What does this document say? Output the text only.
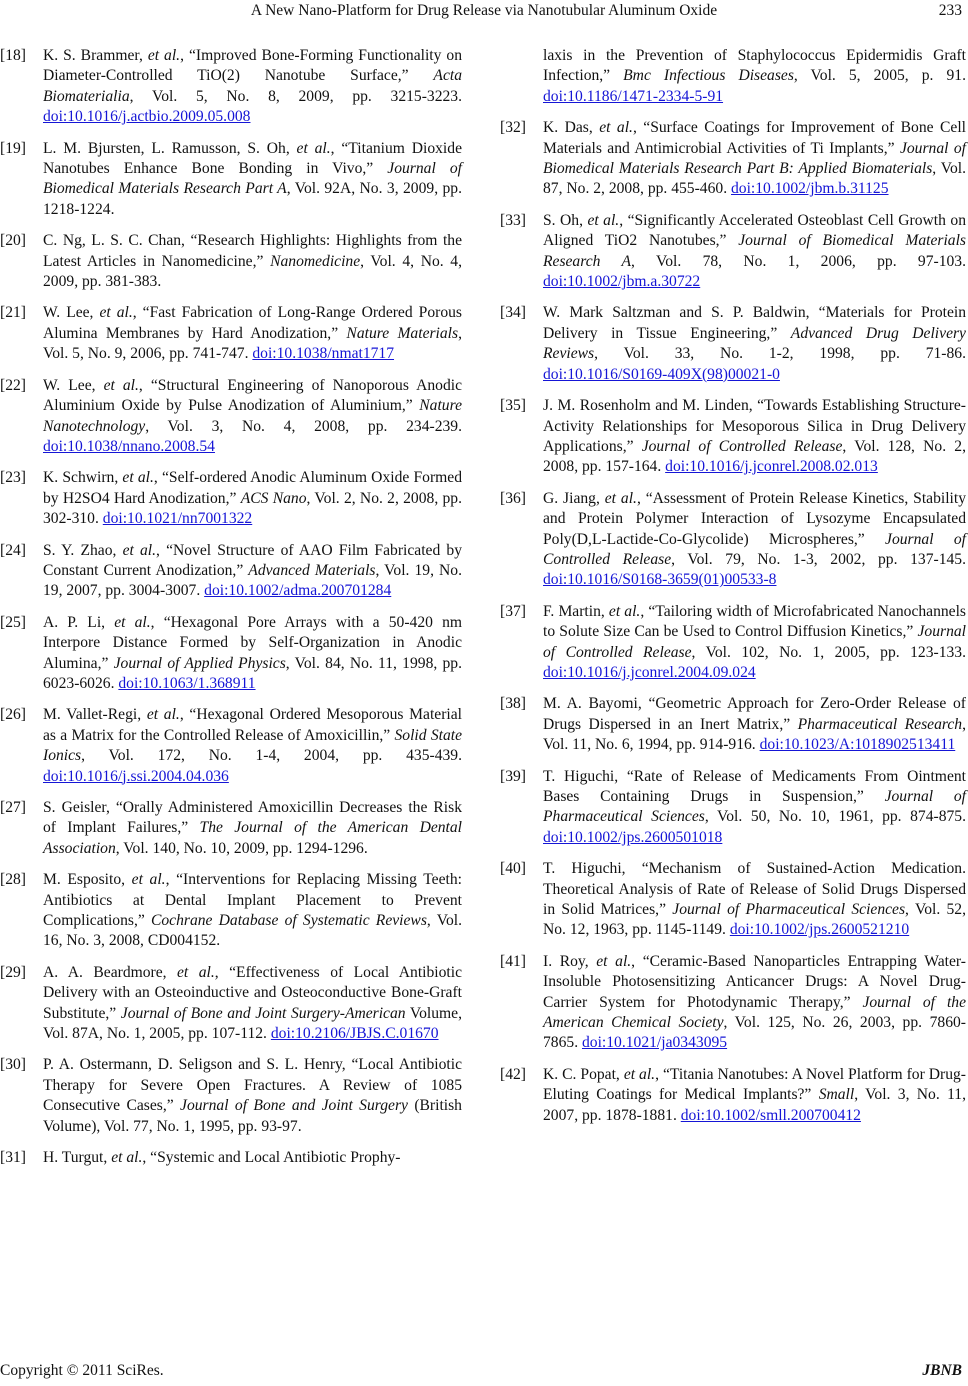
A New Nano-Platform for Drug Release via Nanotubular Aluminum Oxide	233
[18] K. S. Brammer, et al., “Improved Bone-Forming Functionality on Diameter-Controlled TiO(2) Nanotube Surface,” Acta Biomaterialia, Vol. 5, No. 8, 2009, pp. 3215-3223. doi:10.1016/j.actbio.2009.05.008
[19] L. M. Bjursten, L. Ramusson, S. Oh, et al., “Titanium Dioxide Nanotubes Enhance Bone Bonding in Vivo,” Journal of Biomedical Materials Research Part A, Vol. 92A, No. 3, 2009, pp. 1218-1224.
[20] C. Ng, L. S. C. Chan, “Research Highlights: Highlights from the Latest Articles in Nanomedicine,” Nanomedicine, Vol. 4, No. 4, 2009, pp. 381-383.
[21] W. Lee, et al., “Fast Fabrication of Long-Range Ordered Porous Alumina Membranes by Hard Anodization,” Nature Materials, Vol. 5, No. 9, 2006, pp. 741-747. doi:10.1038/nmat1717
[22] W. Lee, et al., “Structural Engineering of Nanoporous Anodic Aluminium Oxide by Pulse Anodization of Aluminium,” Nature Nanotechnology, Vol. 3, No. 4, 2008, pp. 234-239. doi:10.1038/nnano.2008.54
[23] K. Schwirn, et al., “Self-ordered Anodic Aluminum Oxide Formed by H2SO4 Hard Anodization,” ACS Nano, Vol. 2, No. 2, 2008, pp. 302-310. doi:10.1021/nn7001322
[24] S. Y. Zhao, et al., “Novel Structure of AAO Film Fabricated by Constant Current Anodization,” Advanced Materials, Vol. 19, No. 19, 2007, pp. 3004-3007. doi:10.1002/adma.200701284
[25] A. P. Li, et al., “Hexagonal Pore Arrays with a 50-420 nm Interpore Distance Formed by Self-Organization in Anodic Alumina,” Journal of Applied Physics, Vol. 84, No. 11, 1998, pp. 6023-6026. doi:10.1063/1.368911
[26] M. Vallet-Regi, et al., “Hexagonal Ordered Mesoporous Material as a Matrix for the Controlled Release of Amoxicillin,” Solid State Ionics, Vol. 172, No. 1-4, 2004, pp. 435-439. doi:10.1016/j.ssi.2004.04.036
[27] S. Geisler, “Orally Administered Amoxicillin Decreases the Risk of Implant Failures,” The Journal of the American Dental Association, Vol. 140, No. 10, 2009, pp. 1294-1296.
[28] M. Esposito, et al., “Interventions for Replacing Missing Teeth: Antibiotics at Dental Implant Placement to Prevent Complications,” Cochrane Database of Systematic Reviews, Vol. 16, No. 3, 2008, CD004152.
[29] A. A. Beardmore, et al., “Effectiveness of Local Antibiotic Delivery with an Osteoinductive and Osteoconductive Bone-Graft Substitute,” Journal of Bone and Joint Surgery-American Volume, Vol. 87A, No. 1, 2005, pp. 107-112. doi:10.2106/JBJS.C.01670
[30] P. A. Ostermann, D. Seligson and S. L. Henry, “Local Antibiotic Therapy for Severe Open Fractures. A Review of 1085 Consecutive Cases,” Journal of Bone and Joint Surgery (British Volume), Vol. 77, No. 1, 1995, pp. 93-97.
[31] H. Turgut, et al., “Systemic and Local Antibiotic Prophy-
laxis in the Prevention of Staphylococcus Epidermidis Graft Infection,” Bmc Infectious Diseases, Vol. 5, 2005, p. 91. doi:10.1186/1471-2334-5-91
[32] K. Das, et al., “Surface Coatings for Improvement of Bone Cell Materials and Antimicrobial Activities of Ti Implants,” Journal of Biomedical Materials Research Part B: Applied Biomaterials, Vol. 87, No. 2, 2008, pp. 455-460. doi:10.1002/jbm.b.31125
[33] S. Oh, et al., “Significantly Accelerated Osteoblast Cell Growth on Aligned TiO2 Nanotubes,” Journal of Biomedical Materials Research A, Vol. 78, No. 1, 2006, pp. 97-103. doi:10.1002/jbm.a.30722
[34] W. Mark Saltzman and S. P. Baldwin, “Materials for Protein Delivery in Tissue Engineering,” Advanced Drug Delivery Reviews, Vol. 33, No. 1-2, 1998, pp. 71-86. doi:10.1016/S0169-409X(98)00021-0
[35] J. M. Rosenholm and M. Linden, “Towards Establishing Structure-Activity Relationships for Mesoporous Silica in Drug Delivery Applications,” Journal of Controlled Release, Vol. 128, No. 2, 2008, pp. 157-164. doi:10.1016/j.jconrel.2008.02.013
[36] G. Jiang, et al., “Assessment of Protein Release Kinetics, Stability and Protein Polymer Interaction of Lysozyme Encapsulated Poly(D,L-Lactide-Co-Glycolide) Microspheres,” Journal of Controlled Release, Vol. 79, No. 1-3, 2002, pp. 137-145. doi:10.1016/S0168-3659(01)00533-8
[37] F. Martin, et al., “Tailoring width of Microfabricated Nanochannels to Solute Size Can be Used to Control Diffusion Kinetics,” Journal of Controlled Release, Vol. 102, No. 1, 2005, pp. 123-133. doi:10.1016/j.jconrel.2004.09.024
[38] M. A. Bayomi, “Geometric Approach for Zero-Order Release of Drugs Dispersed in an Inert Matrix,” Pharmaceutical Research, Vol. 11, No. 6, 1994, pp. 914-916. doi:10.1023/A:1018902513411
[39] T. Higuchi, “Rate of Release of Medicaments From Ointment Bases Containing Drugs in Suspension,” Journal of Pharmaceutical Sciences, Vol. 50, No. 10, 1961, pp. 874-875. doi:10.1002/jps.2600501018
[40] T. Higuchi, “Mechanism of Sustained-Action Medication. Theoretical Analysis of Rate of Release of Solid Drugs Dispersed in Solid Matrices,” Journal of Pharmaceutical Sciences, Vol. 52, No. 12, 1963, pp. 1145-1149. doi:10.1002/jps.2600521210
[41] I. Roy, et al., “Ceramic-Based Nanoparticles Entrapping Water-Insoluble Photosensitizing Anticancer Drugs: A Novel Drug-Carrier System for Photodynamic Therapy,” Journal of the American Chemical Society, Vol. 125, No. 26, 2003, pp. 7860-7865. doi:10.1021/ja0343095
[42] K. C. Popat, et al., “Titania Nanotubes: A Novel Platform for Drug-Eluting Coatings for Medical Implants?” Small, Vol. 3, No. 11, 2007, pp. 1878-1881. doi:10.1002/smll.200700412
Copyright © 2011 SciRes.	JBNB
